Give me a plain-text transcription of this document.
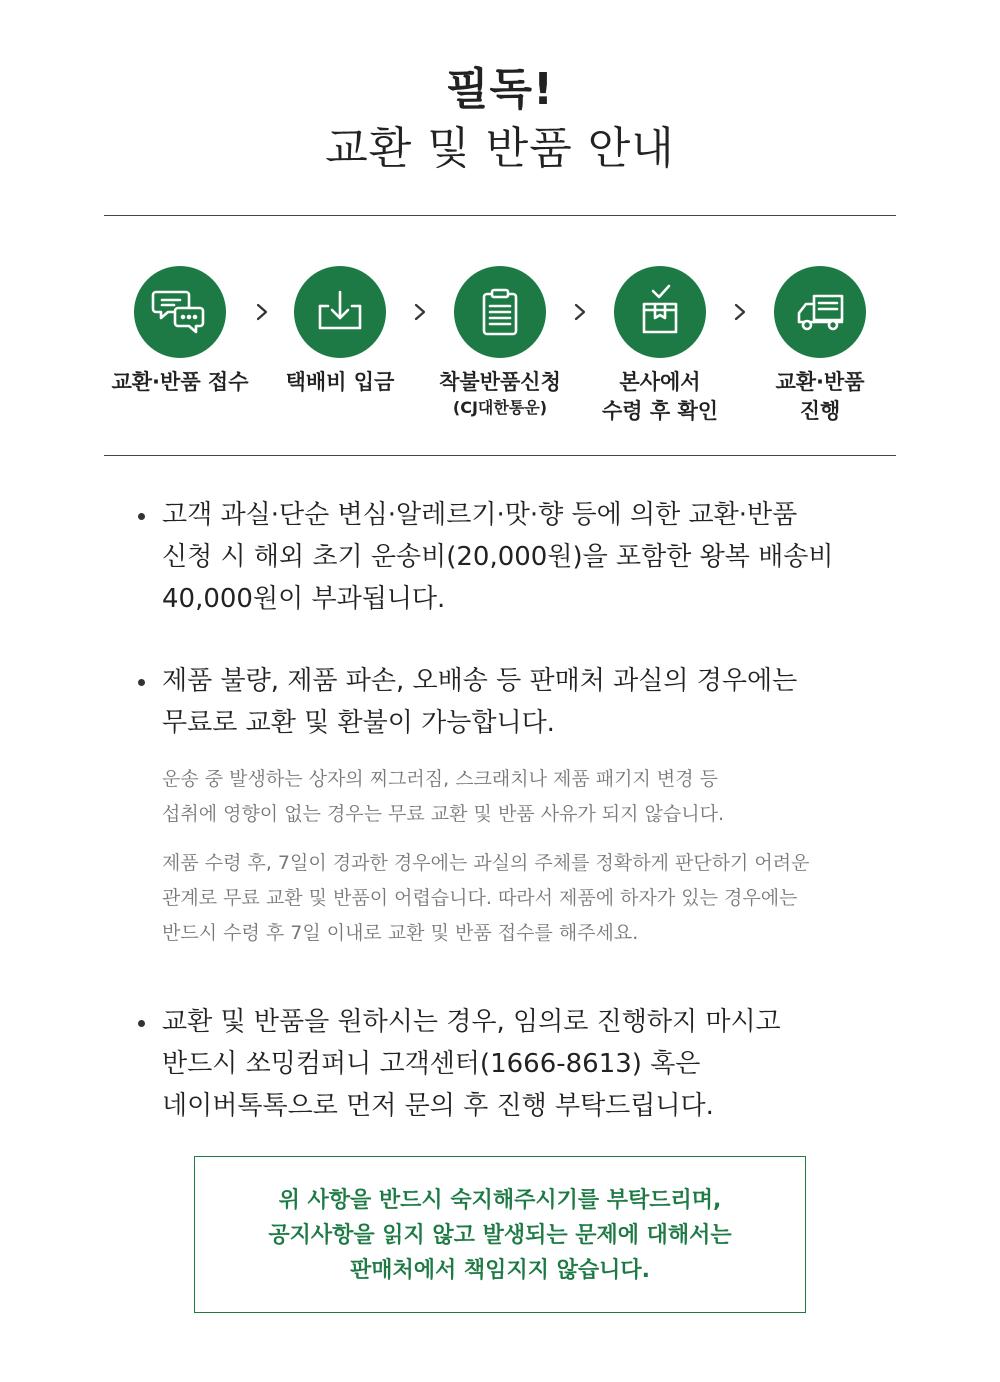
필독!
교환 및 반품 안내
교환·반품 접수	택배비 입금	착불반품신청
(CJ대한통운)
본사에서
수령 후 확인
교환·반품
진행
고객 과실·단순 변심·알레르기·맛·향 등에 의한 교환·반품
신청 시 해외 초기 운송비(20,000원)을 포함한 왕복 배송비
40,000원이 부과됩니다.
제품 불량, 제품 파손, 오배송 등 판매처 과실의 경우에는
무료로 교환 및 환불이 가능합니다.
운송 중 발생하는 상자의 찌그러짐, 스크래치나 제품 패기지 변경 등
섭취에 영향이 없는 경우는 무료 교환 및 반품 사유가 되지 않습니다.
제품 수령 후, 7일이 경과한 경우에는 과실의 주체를 정확하게 판단하기 어려운
관계로 무료 교환 및 반품이 어렵습니다. 따라서 제품에 하자가 있는 경우에는
반드시 수령 후 7일 이내로 교환 및 반품 접수를 해주세요.
교환 및 반품을 원하시는 경우, 임의로 진행하지 마시고
반드시 쏘밍컴퍼니 고객센터(1666-8613) 혹은
네이버톡톡으로 먼저 문의 후 진행 부탁드립니다.
위 사항을 반드시 숙지해주시기를 부탁드리며,
공지사항을 읽지 않고 발생되는 문제에 대해서는
판매처에서 책임지지 않습니다.
